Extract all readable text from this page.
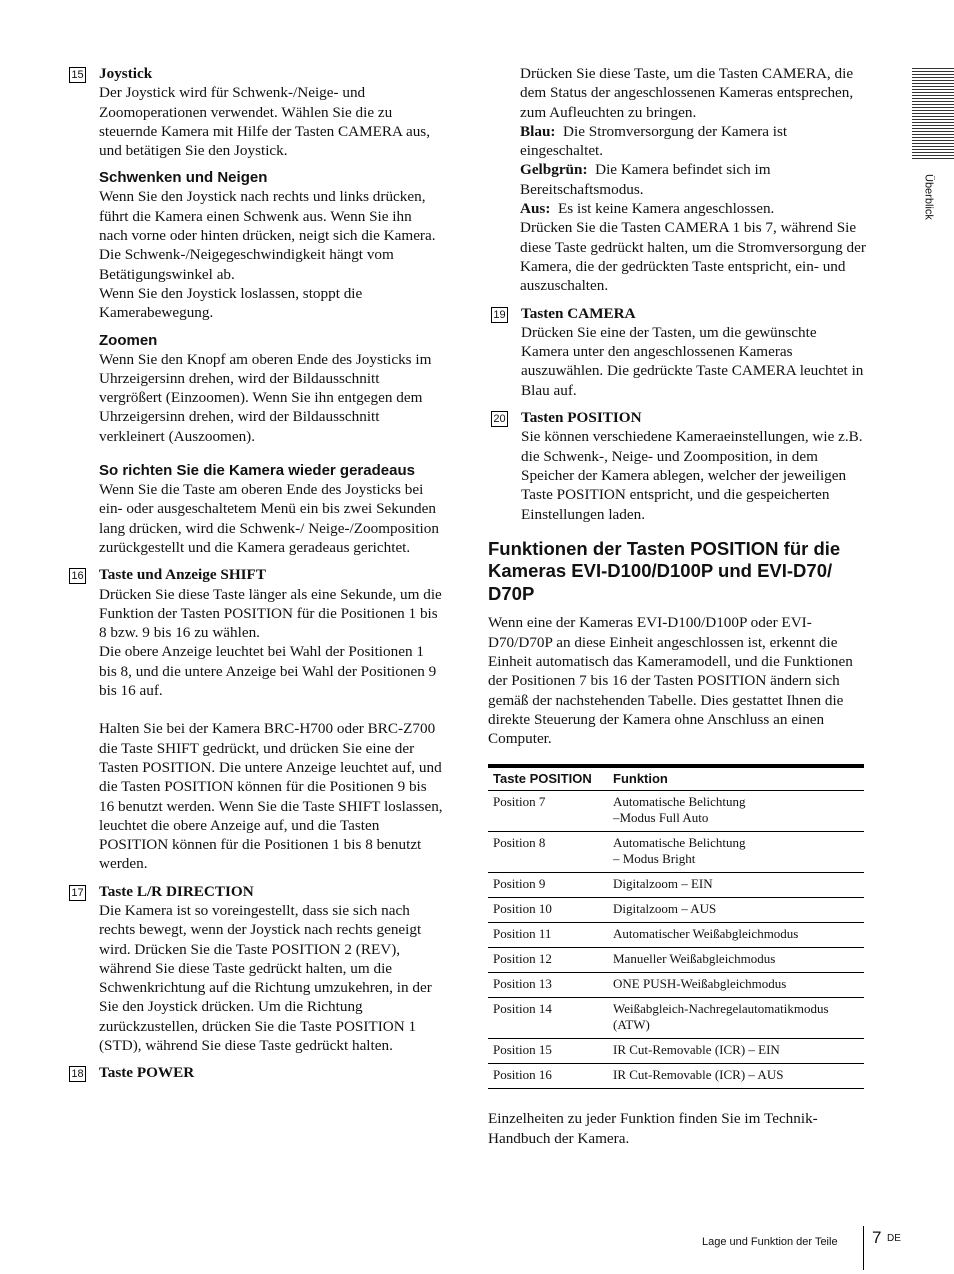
Überblick
15 Joystick

Der Joystick wird für Schwenk-/Neige- und Zoomoperationen verwendet. Wählen Sie die zu steuernde Kamera mit Hilfe der Tasten CAMERA aus, und betätigen Sie den Joystick.

Schwenken und Neigen

Wenn Sie den Joystick nach rechts und links drücken, führt die Kamera einen Schwenk aus. Wenn Sie ihn nach vorne oder hinten drücken, neigt sich die Kamera.

Die Schwenk-/Neigegeschwindigkeit hängt vom Betätigungswinkel ab.

Wenn Sie den Joystick loslassen, stoppt die Kamerabewegung.

Zoomen

Wenn Sie den Knopf am oberen Ende des Joysticks im Uhrzeigersinn drehen, wird der Bildausschnitt vergrößert (Einzoomen). Wenn Sie ihn entgegen dem Uhrzeigersinn drehen, wird der Bildausschnitt verkleinert (Auszoomen).

So richten Sie die Kamera wieder geradeaus

Wenn Sie die Taste am oberen Ende des Joysticks bei ein- oder ausgeschaltetem Menü ein bis zwei Sekunden lang drücken, wird die Schwenk-/ Neige-/Zoomposition zurückgestellt und die Kamera geradeaus gerichtet.

16 Taste und Anzeige SHIFT

Drücken Sie diese Taste länger als eine Sekunde, um die Funktion der Tasten POSITION für die Positionen 1 bis 8 bzw. 9 bis 16 zu wählen.

Die obere Anzeige leuchtet bei Wahl der Positionen 1 bis 8, und die untere Anzeige bei Wahl der Positionen 9 bis 16 auf.

Halten Sie bei der Kamera BRC-H700 oder BRC-Z700 die Taste SHIFT gedrückt, und drücken Sie eine der Tasten POSITION. Die untere Anzeige leuchtet auf, und die Tasten POSITION können für die Positionen 9 bis 16 benutzt werden. Wenn Sie die Taste SHIFT loslassen, leuchtet die obere Anzeige auf, und die Tasten POSITION können für die Positionen 1 bis 8 benutzt werden.

17 Taste L/R DIRECTION

Die Kamera ist so voreingestellt, dass sie sich nach rechts bewegt, wenn der Joystick nach rechts geneigt wird. Drücken Sie die Taste POSITION 2 (REV), während Sie diese Taste gedrückt halten, um die Schwenkrichtung auf die Richtung umzukehren, in der Sie den Joystick drücken. Um die Richtung zurückzustellen, drücken Sie die Taste POSITION 1 (STD), während Sie diese Taste gedrückt halten.

18 Taste POWER

Drücken Sie diese Taste, um die Tasten CAMERA, die dem Status der angeschlossenen Kameras entsprechen, zum Aufleuchten zu bringen.

Blau: Die Stromversorgung der Kamera ist eingeschaltet.

Gelbgrün: Die Kamera befindet sich im Bereitschaftsmodus.

Aus: Es ist keine Kamera angeschlossen.

Drücken Sie die Tasten CAMERA 1 bis 7, während Sie diese Taste gedrückt halten, um die Stromversorgung der Kamera, die der gedrückten Taste entspricht, ein- und auszuschalten.

19 Tasten CAMERA

Drücken Sie eine der Tasten, um die gewünschte Kamera unter den angeschlossenen Kameras auszuwählen. Die gedrückte Taste CAMERA leuchtet in Blau auf.

20 Tasten POSITION

Sie können verschiedene Kameraeinstellungen, wie z.B. die Schwenk-, Neige- und Zoomposition, in dem Speicher der Kamera ablegen, welcher der jeweiligen Taste POSITION entspricht, und die gespeicherten Einstellungen laden.

Funktionen der Tasten POSITION für die Kameras EVI-D100/D100P und EVI-D70/ D70P

Wenn eine der Kameras EVI-D100/D100P oder EVI-D70/D70P an diese Einheit angeschlossen ist, erkennt die Einheit automatisch das Kameramodell, und die Funktionen der Positionen 7 bis 16 der Tasten POSITION ändern sich gemäß der nachstehenden Tabelle. Dies gestattet Ihnen die direkte Steuerung der Kamera ohne Anschluss an einen Computer.

Taste POSITION	Funktion
Position 7	Automatische Belichtung
–Modus Full Auto
Position 8	Automatische Belichtung
– Modus Bright
Position 9	Digitalzoom – EIN
Position 10	Digitalzoom – AUS
Position 11	Automatischer Weißabgleichmodus
Position 12	Manueller Weißabgleichmodus
Position 13	ONE PUSH-Weißabgleichmodus
Position 14	Weißabgleich-Nachregelautomatikmodus (ATW)
Position 15	IR Cut-Removable (ICR) – EIN
Position 16	IR Cut-Removable (ICR) – AUS

Einzelheiten zu jeder Funktion finden Sie im Technik-Handbuch der Kamera.

Lage und Funktion der Teile 7 DE
